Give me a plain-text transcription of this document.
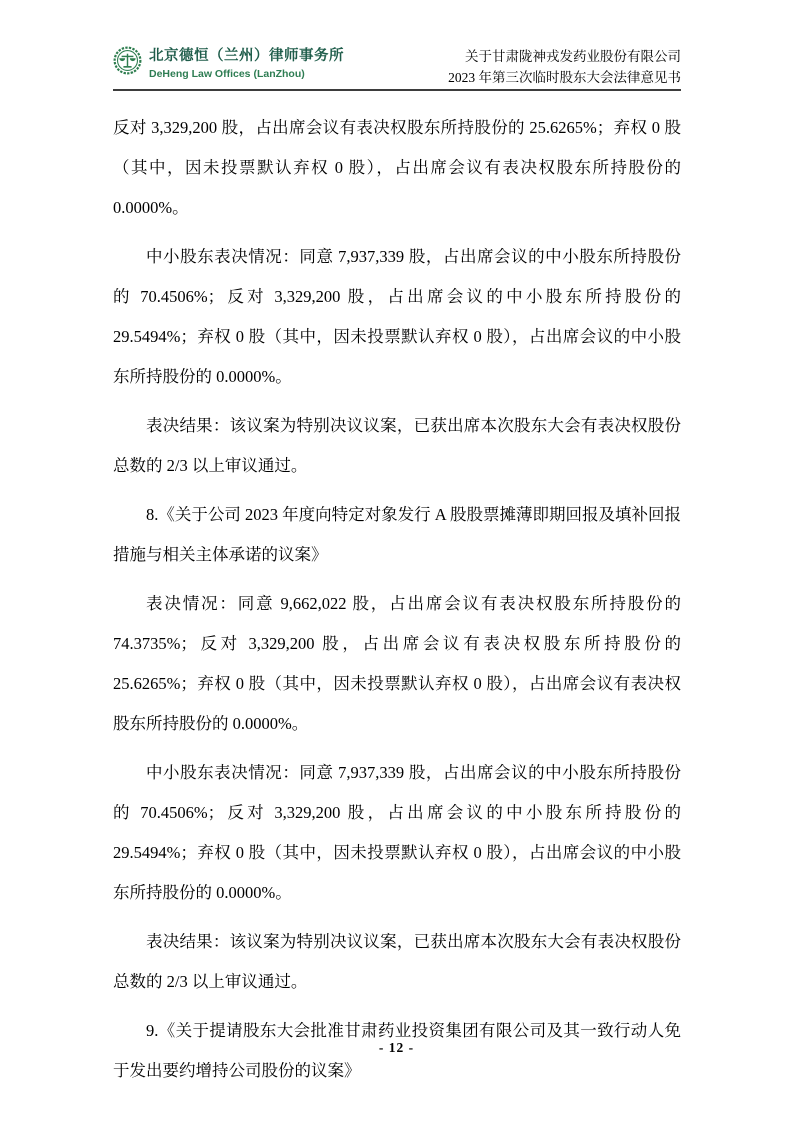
北京德恒（兰州）律师事务所
DeHeng Law Offices (LanZhou)
关于甘肃陇神戎发药业股份有限公司
2023 年第三次临时股东大会法律意见书

反对 3,329,200 股，占出席会议有表决权股东所持股份的 25.6265%；弃权 0 股（其中，因未投票默认弃权 0 股），占出席会议有表决权股东所持股份的 0.0000%。

中小股东表决情况：同意 7,937,339 股，占出席会议的中小股东所持股份的 70.4506%；反对 3,329,200 股，占出席会议的中小股东所持股份的 29.5494%；弃权 0 股（其中，因未投票默认弃权 0 股），占出席会议的中小股东所持股份的 0.0000%。

表决结果：该议案为特别决议议案，已获出席本次股东大会有表决权股份总数的 2/3 以上审议通过。

8.《关于公司 2023 年度向特定对象发行 A 股股票摊薄即期回报及填补回报措施与相关主体承诺的议案》

表决情况：同意 9,662,022 股，占出席会议有表决权股东所持股份的 74.3735%；反对 3,329,200 股，占出席会议有表决权股东所持股份的 25.6265%；弃权 0 股（其中，因未投票默认弃权 0 股），占出席会议有表决权股东所持股份的 0.0000%。

中小股东表决情况：同意 7,937,339 股，占出席会议的中小股东所持股份的 70.4506%；反对 3,329,200 股，占出席会议的中小股东所持股份的 29.5494%；弃权 0 股（其中，因未投票默认弃权 0 股），占出席会议的中小股东所持股份的 0.0000%。

表决结果：该议案为特别决议议案，已获出席本次股东大会有表决权股份总数的 2/3 以上审议通过。

9.《关于提请股东大会批准甘肃药业投资集团有限公司及其一致行动人免于发出要约增持公司股份的议案》

- 12 -
